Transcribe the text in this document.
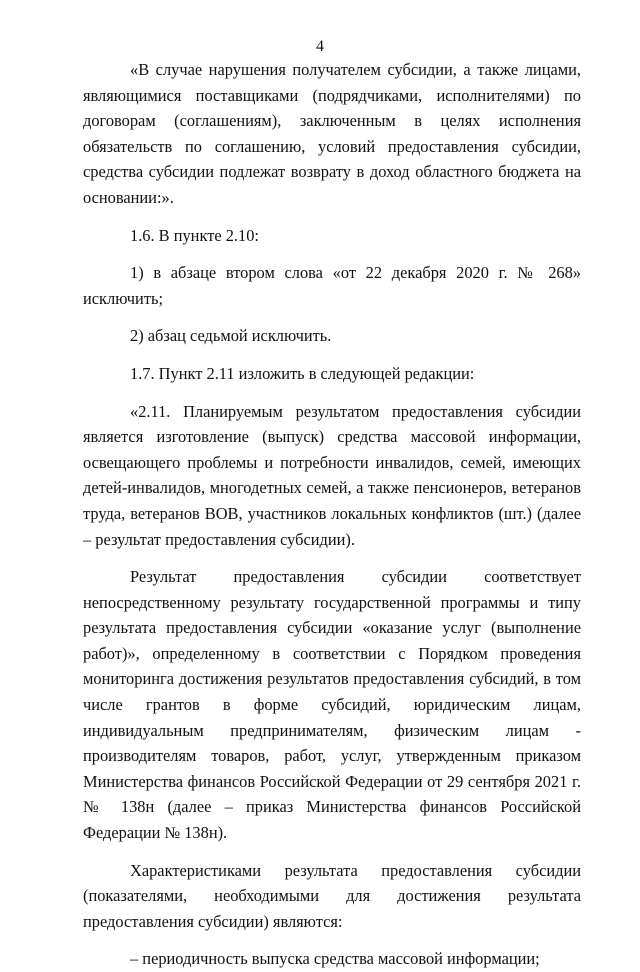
4

«В случае нарушения получателем субсидии, а также лицами, являющимися поставщиками (подрядчиками, исполнителями) по договорам (соглашениям), заключенным в целях исполнения обязательств по соглашению, условий предоставления субсидии, средства субсидии подлежат возврату в доход областного бюджета на основании:».

1.6. В пункте 2.10:

1) в абзаце втором слова «от 22 декабря 2020 г. № 268» исключить;

2) абзац седьмой исключить.

1.7. Пункт 2.11 изложить в следующей редакции:

«2.11. Планируемым результатом предоставления субсидии является изготовление (выпуск) средства массовой информации, освещающего проблемы и потребности инвалидов, семей, имеющих детей-инвалидов, многодетных семей, а также пенсионеров, ветеранов труда, ветеранов ВОВ, участников локальных конфликтов (шт.) (далее – результат предоставления субсидии).

Результат предоставления субсидии соответствует непосредственному результату государственной программы и типу результата предоставления субсидии «оказание услуг (выполнение работ)», определенному в соответствии с Порядком проведения мониторинга достижения результатов предоставления субсидий, в том числе грантов в форме субсидий, юридическим лицам, индивидуальным предпринимателям, физическим лицам - производителям товаров, работ, услуг, утвержденным приказом Министерства финансов Российской Федерации от 29 сентября 2021 г. № 138н (далее – приказ Министерства финансов Российской Федерации № 138н).

Характеристиками результата предоставления субсидии (показателями, необходимыми для достижения результата предоставления субсидии) являются:

– периодичность выпуска средства массовой информации;
